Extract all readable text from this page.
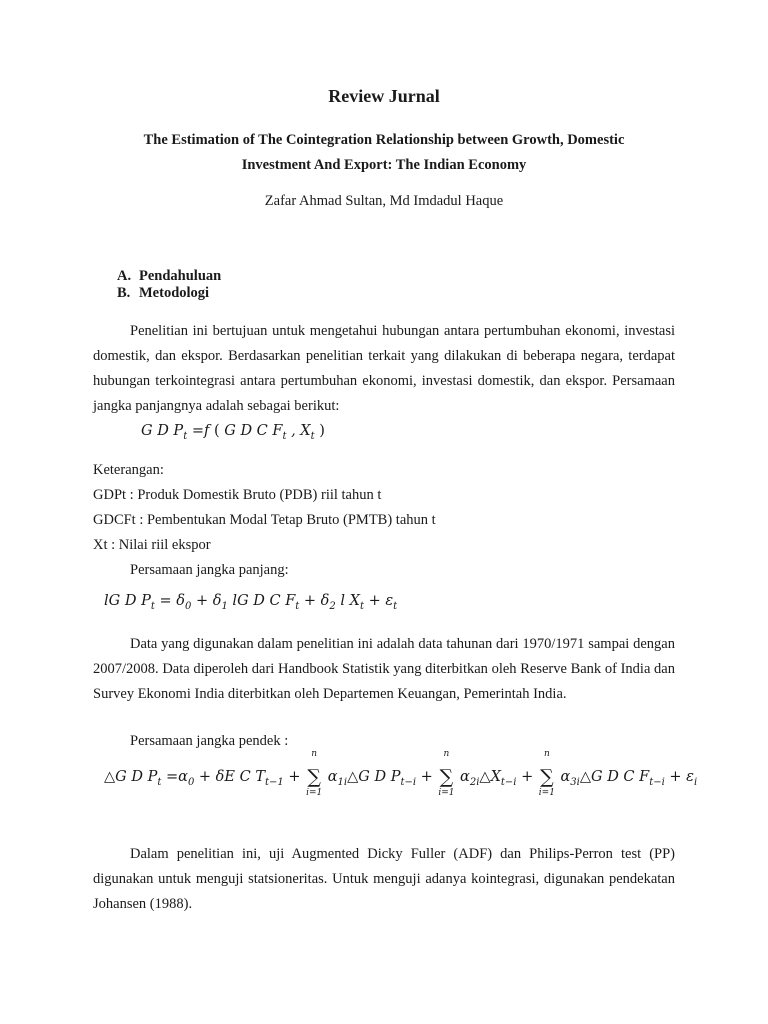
Review Jurnal
The Estimation of The Cointegration Relationship between Growth, Domestic
Investment And Export: The Indian Economy
Zafar Ahmad Sultan, Md Imdadul Haque
A. Pendahuluan
B. Metodologi
Penelitian ini bertujuan untuk mengetahui hubungan antara pertumbuhan ekonomi, investasi domestik, dan ekspor. Berdasarkan penelitian terkait yang dilakukan di beberapa negara, terdapat hubungan terkointegrasi antara pertumbuhan ekonomi, investasi domestik, dan ekspor. Persamaan jangka panjangnya adalah sebagai berikut:
G D $P_t =f$ ( G D C $F_t$ , $X_t$ )
Keterangan:
GDPt : Produk Domestik Bruto (PDB) riil tahun t
GDCFt : Pembentukan Modal Tetap Bruto (PMTB) tahun t
Xt : Nilai riil ekspor
Persamaan jangka panjang:
lG D $P_t = \delta_0 + \delta_1$ lG D C $F_t + \delta_2$ l $X_t + \varepsilon_t$
Data yang digunakan dalam penelitian ini adalah data tahunan dari 1970/1971 sampai dengan 2007/2008. Data diperoleh dari Handbook Statistik yang diterbitkan oleh Reserve Bank of India dan Survey Ekonomi India diterbitkan oleh Departemen Keuangan, Pemerintah India.
Persamaan jangka pendek :
△G D $P_t =\alpha_0 + \delta E$ C $T_{t-1}$ +
n
∑
i=1
$\alpha_{1i}\triangle G$ D $P_{t-i}$ +
n
∑
i=1
$\alpha_{2i}\triangle X_{t-i}$ +
n
∑
i=1
$\alpha_{3i}\triangle G$ D C $F_{t-i} + \varepsilon_i$
Dalam penelitian ini, uji Augmented Dicky Fuller (ADF) dan Philips-Perron test (PP) digunakan untuk menguji statsioneritas. Untuk menguji adanya kointegrasi, digunakan pendekatan Johansen (1988).
